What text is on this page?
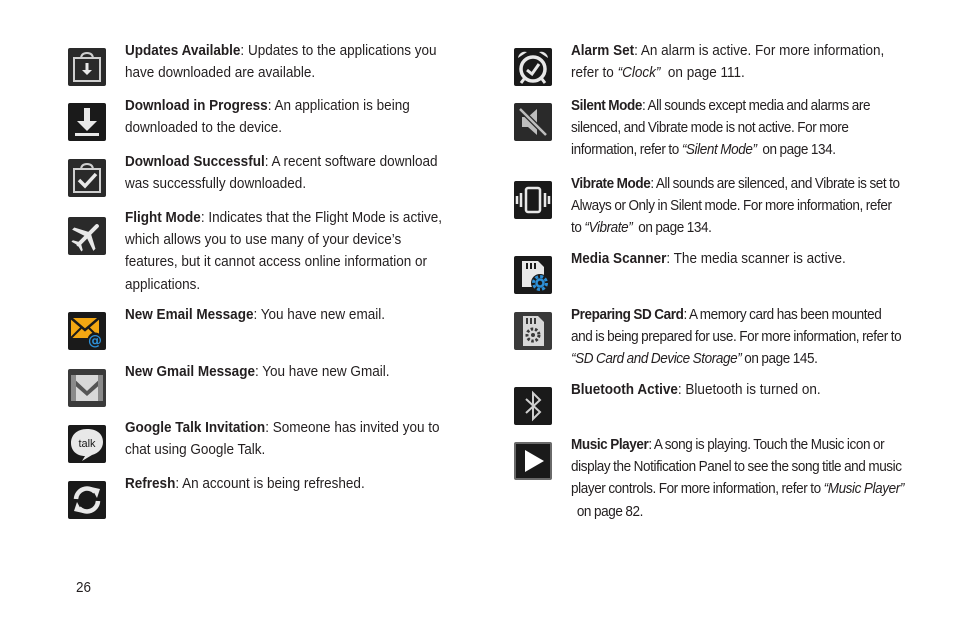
Updates Available: Updates to the applications you have downloaded are available.
Download in Progress: An application is being downloaded to the device.
Download Successful: A recent software download was successfully downloaded.
Flight Mode: Indicates that the Flight Mode is active, which allows you to use many of your device’s features, but it cannot access online information or applications.
@
New Email Message: You have new email.
New Gmail Message: You have new Gmail.
talk
Google Talk Invitation: Someone has invited you to chat using Google Talk.
Refresh: An account is being refreshed.
Alarm Set: An alarm is active. For more information, refer to “Clock”  on page 111.
Silent Mode: All sounds except media and alarms are silenced, and Vibrate mode is not active. For more information, refer to “Silent Mode”  on page 134.
Vibrate Mode: All sounds are silenced, and Vibrate is set to Always or Only in Silent mode. For more information, refer to “Vibrate”  on page 134.
Media Scanner: The media scanner is active.
Preparing SD Card: A memory card has been mounted and is being prepared for use. For more information, refer to “SD Card and Device Storage” on page 145.
Bluetooth Active: Bluetooth is turned on.
Music Player: A song is playing. Touch the Music icon or display the Notification Panel to see the song title and music player controls. For more information, refer to “Music Player”  on page 82.
26
